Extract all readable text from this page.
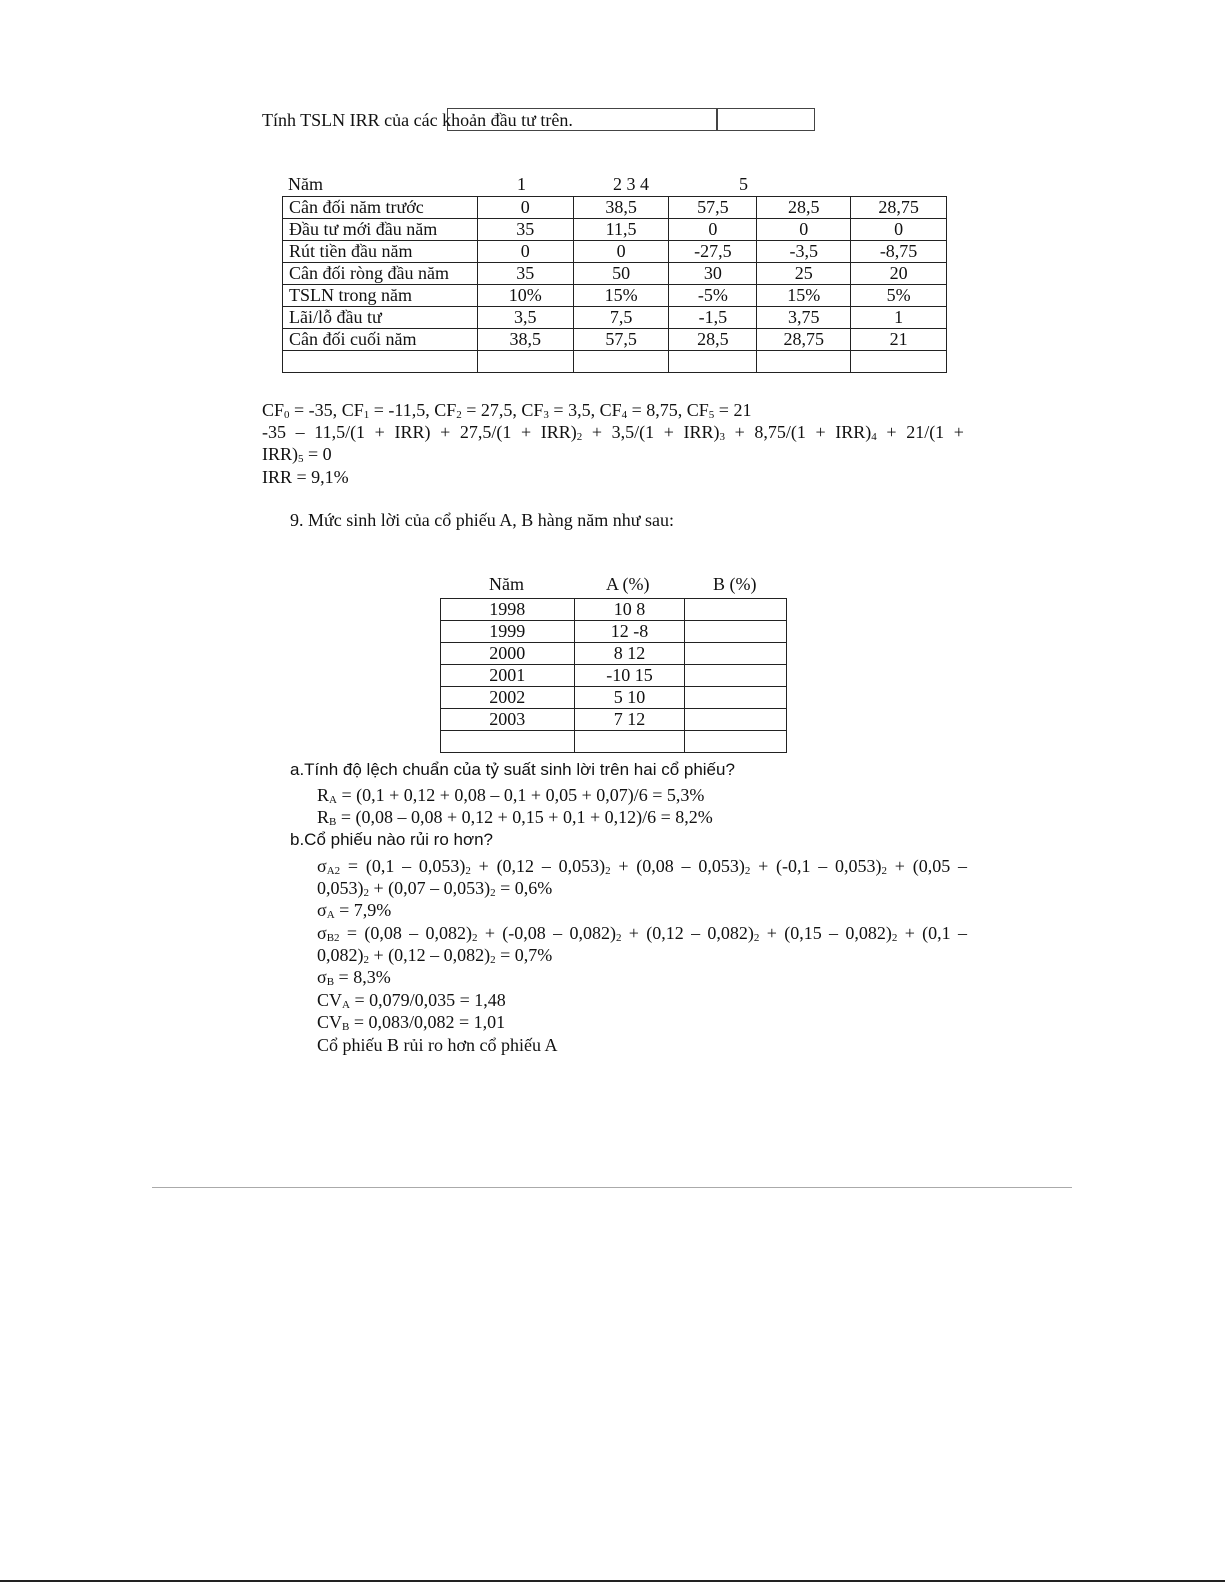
Tính TSLN IRR của các khoản đầu tư trên.
Năm	1	2 3 4	5
Cân đối năm trước	0	38,5	57,5	28,5	28,75
Đầu tư mới đầu năm	35	11,5	0	0	0
Rút tiền đầu năm	0	0	-27,5	-3,5	-8,75
Cân đối ròng đầu năm	35	50	30	25	20
TSLN trong năm	10%	15%	-5%	15%	5%
Lãi/lỗ đầu tư	3,5	7,5	-1,5	3,75	1
Cân đối cuối năm	38,5	57,5	28,5	28,75	21

CF0 = -35, CF1 = -11,5, CF2 = 27,5, CF3 = 3,5, CF4 = 8,75, CF5 = 21
-35 – 11,5/(1 + IRR) + 27,5/(1 + IRR)2 + 3,5/(1 + IRR)3 + 8,75/(1 + IRR)4 + 21/(1 +
IRR)5 = 0
IRR = 9,1%
9. Mức sinh lời của cổ phiếu A, B hàng năm như sau:
Năm	A (%)	B (%)
1998	10 8	
1999	12 -8	
2000	8 12	
2001	-10 15	
2002	5 10	
2003	7 12	

a.Tính độ lệch chuẩn của tỷ suất sinh lời trên hai cổ phiếu?
RA = (0,1 + 0,12 + 0,08 – 0,1 + 0,05 + 0,07)/6 = 5,3%
RB = (0,08 – 0,08 + 0,12 + 0,15 + 0,1 + 0,12)/6 = 8,2%
b.Cổ phiếu nào rủi ro hơn?
σA2 = (0,1 – 0,053)2 + (0,12 – 0,053)2 + (0,08 – 0,053)2 + (-0,1 – 0,053)2 + (0,05 –
0,053)2 + (0,07 – 0,053)2 = 0,6%
σA = 7,9%
σB2 = (0,08 – 0,082)2 + (-0,08 – 0,082)2 + (0,12 – 0,082)2 + (0,15 – 0,082)2 + (0,1 –
0,082)2 + (0,12 – 0,082)2 = 0,7%
σB = 8,3%
CVA = 0,079/0,035 = 1,48
CVB = 0,083/0,082 = 1,01
Cổ phiếu B rủi ro hơn cổ phiếu A
